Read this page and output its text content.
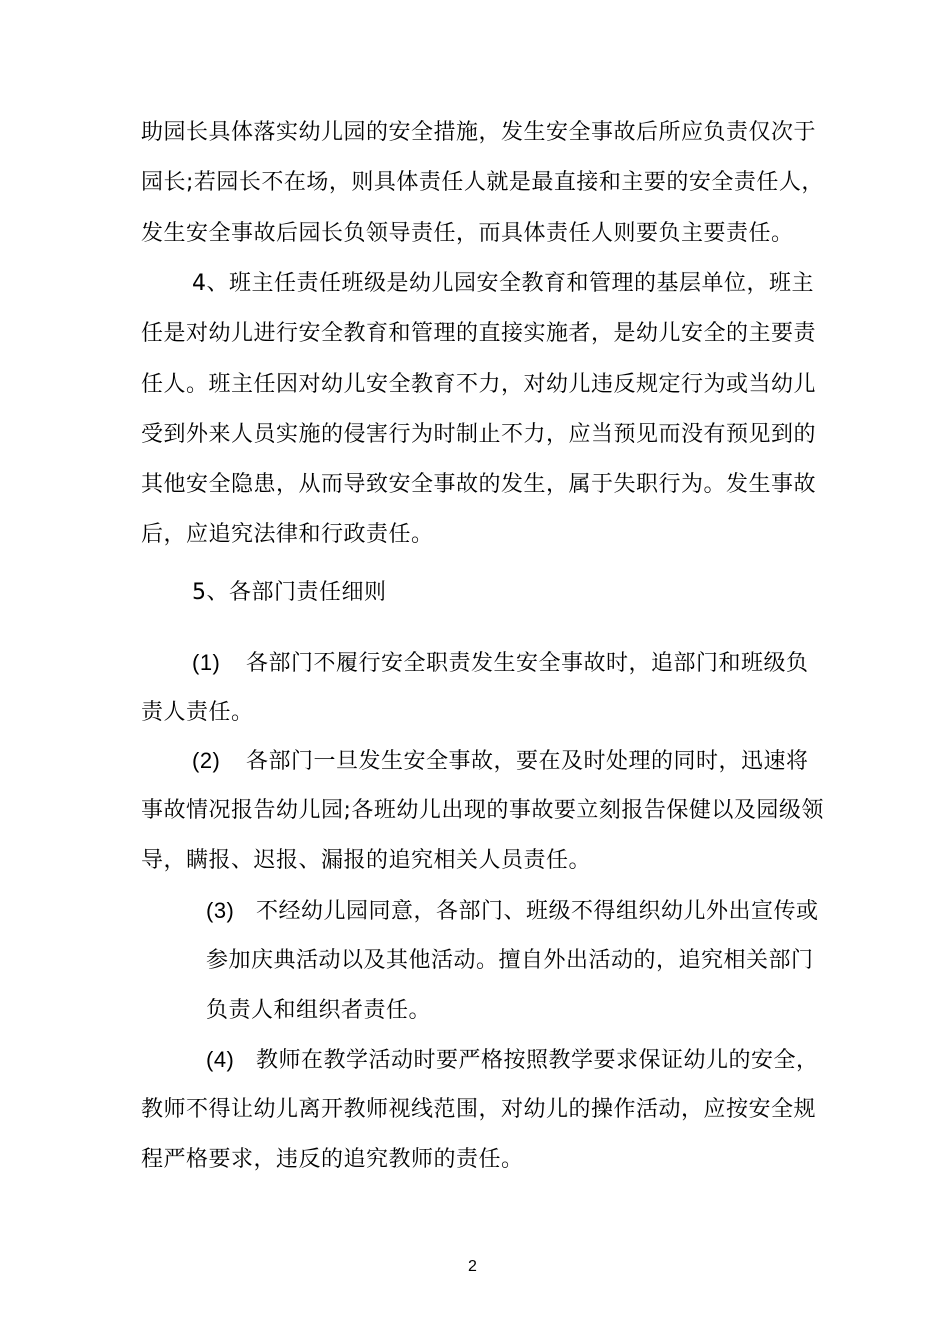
助园长具体落实幼儿园的安全措施，发生安全事故后所应负责仅次于
园长;若园长不在场，则具体责任人就是最直接和主要的安全责任人，
发生安全事故后园长负领导责任，而具体责任人则要负主要责任。
4、班主任责任班级是幼儿园安全教育和管理的基层单位，班主
任是对幼儿进行安全教育和管理的直接实施者，是幼儿安全的主要责
任人。班主任因对幼儿安全教育不力，对幼儿违反规定行为或当幼儿
受到外来人员实施的侵害行为时制止不力，应当预见而没有预见到的
其他安全隐患，从而导致安全事故的发生，属于失职行为。发生事故
后，应追究法律和行政责任。
5、各部门责任细则
(1) 各部门不履行安全职责发生安全事故时，追部门和班级负
责人责任。
(2) 各部门一旦发生安全事故，要在及时处理的同时，迅速将
事故情况报告幼儿园;各班幼儿出现的事故要立刻报告保健以及园级领
导，瞒报、迟报、漏报的追究相关人员责任。
(3) 不经幼儿园同意，各部门、班级不得组织幼儿外出宣传或
参加庆典活动以及其他活动。擅自外出活动的，追究相关部门
负责人和组织者责任。
(4) 教师在教学活动时要严格按照教学要求保证幼儿的安全，
教师不得让幼儿离开教师视线范围，对幼儿的操作活动，应按安全规
程严格要求，违反的追究教师的责任。
2
